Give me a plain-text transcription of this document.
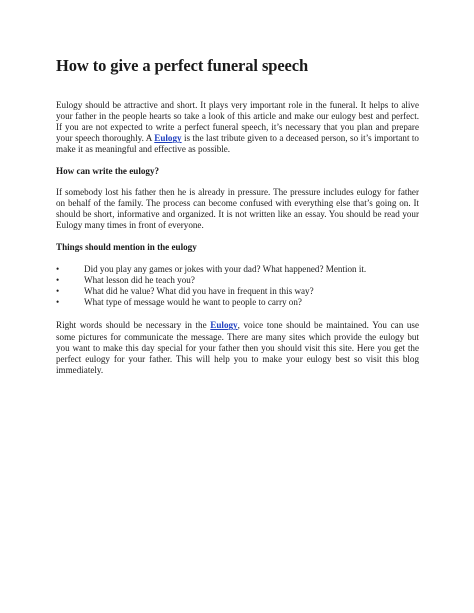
How to give a perfect funeral speech

Eulogy should be attractive and short. It plays very important role in the funeral. It helps to alive your father in the people hearts so take a look of this article and make our eulogy best and perfect. If you are not expected to write a perfect funeral speech, it’s necessary that you plan and prepare your speech thoroughly. A Eulogy is the last tribute given to a deceased person, so it’s important to make it as meaningful and effective as possible.

How can write the eulogy?

If somebody lost his father then he is already in pressure. The pressure includes eulogy for father on behalf of the family. The process can become confused with everything else that’s going on. It should be short, informative and organized. It is not written like an essay. You should be read your Eulogy many times in front of everyone.

Things should mention in the eulogy

•	Did you play any games or jokes with your dad? What happened? Mention it.
•	What lesson did he teach you?
•	What did he value? What did you have in frequent in this way?
•	What type of message would he want to people to carry on?

Right words should be necessary in the Eulogy, voice tone should be maintained. You can use some pictures for communicate the message. There are many sites which provide the eulogy but you want to make this day special for your father then you should visit this site. Here you get the perfect eulogy for your father. This will help you to make your eulogy best so visit this blog immediately.
